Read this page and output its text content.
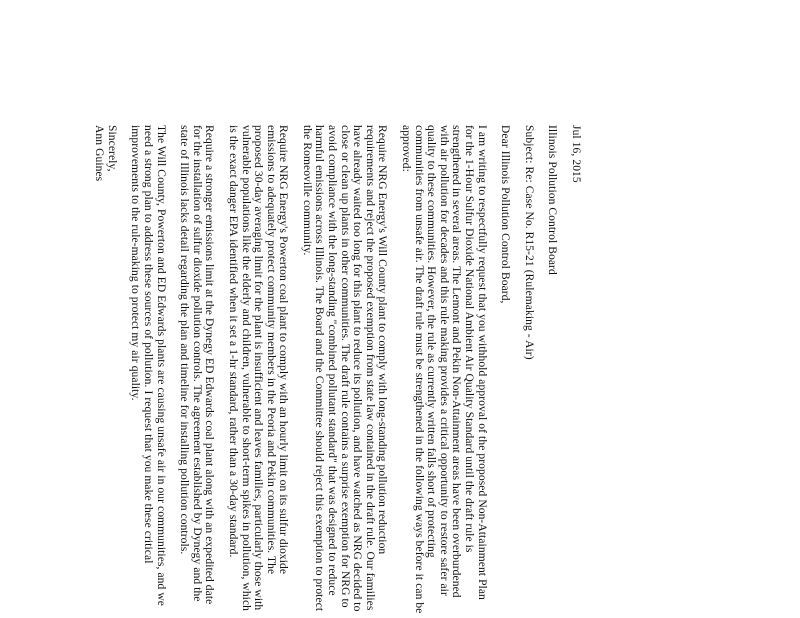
Jul 16, 2015

Illinois Pollution Control Board

Subject: Re: Case No. R15-21 (Rulemaking - Air)

Dear Illinois Pollution Control Board,

I am writing to respectfully request that you withhold approval of the proposed Non-Attainment Plan for the 1-Hour Sulfur Dioxide National Ambient Air Quality Standard until the draft rule is strengthened in several areas. The Lemont and Pekin Non-Attainment areas have been overburdened with air pollution for decades and this rule making provides a critical opportunity to restore safer air quality to these communities. However, the rule as currently written falls short of protecting communities from unsafe air. The draft rule must be strengthened in the following ways before it can be approved:

Require NRG Energy's Will County plant to comply with long-standing pollution reduction requirements and reject the proposed exemption from state law contained in the draft rule. Our families have already waited too long for this plant to reduce its pollution, and have watched as NRG decided to close or clean up plants in other communities. The draft rule contains a surprise exemption for NRG to avoid compliance with the long-standing "combined pollutant standard" that was designed to reduce harmful emissions across Illinois. The Board and the Committee should reject this exemption to protect the Romeoville community.

Require NRG Energy's Powerton coal plant to comply with an hourly limit on its sulfur dioxide emissions to adequately protect community members in the Peoria and Pekin communities. The proposed 30-day averaging limit for the plant is insufficient and leaves families, particularly those with vulnerable populations like the elderly and children, vulnerable to short-term spikes in pollution, which is the exact danger EPA identified when it set a 1-hr standard, rather than a 30-day standard.

Require a stronger emissions limit at the Dynegy ED Edwards coal plant along with an expedited date for the installation of sulfur dioxide pollution controls. The agreement established by Dynegy and the state of Illinois lacks detail regarding the plan and timeline for installing pollution controls.

The Will County, Powerton and ED Edwards plants are causing unsafe air in our communities, and we need a strong plan to address these sources of pollution. I request that you make these critical improvements to the rule-making to protect my air quality.

Sincerely,
Ann Guines
